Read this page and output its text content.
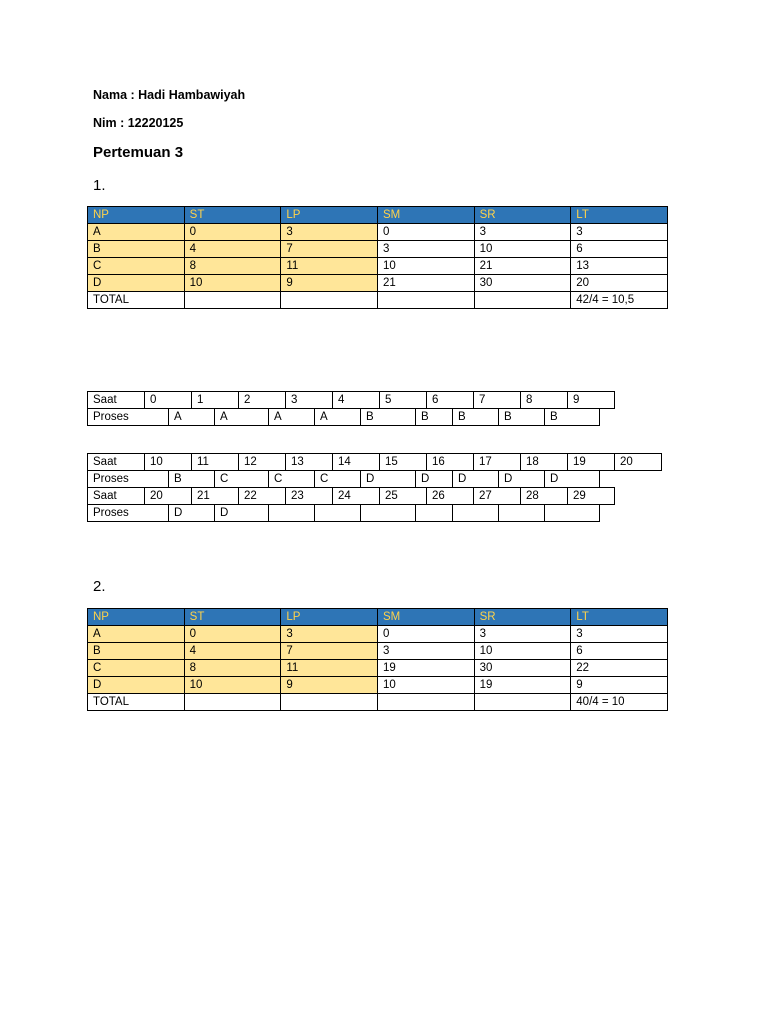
Nama : Hadi Hambawiyah
Nim : 12220125
Pertemuan 3
1.
NP	ST	LP	SM	SR	LT
A	0	3	0	3	3
B	4	7	3	10	6
C	8	11	10	21	13
D	10	9	21	30	20
TOTAL					42/4 = 10,5
Saat	0	1	2	3	4	5	6	7	8	9
Proses	A	A	A	A	B	B	B	B	B
Saat	10	11	12	13	14	15	16	17	18	19	20
Proses	B	C	C	C	D	D	D	D	D
Saat	20	21	22	23	24	25	26	27	28	29
Proses	D	D
2.
NP	ST	LP	SM	SR	LT
A	0	3	0	3	3
B	4	7	3	10	6
C	8	11	19	30	22
D	10	9	10	19	9
TOTAL					40/4 = 10
